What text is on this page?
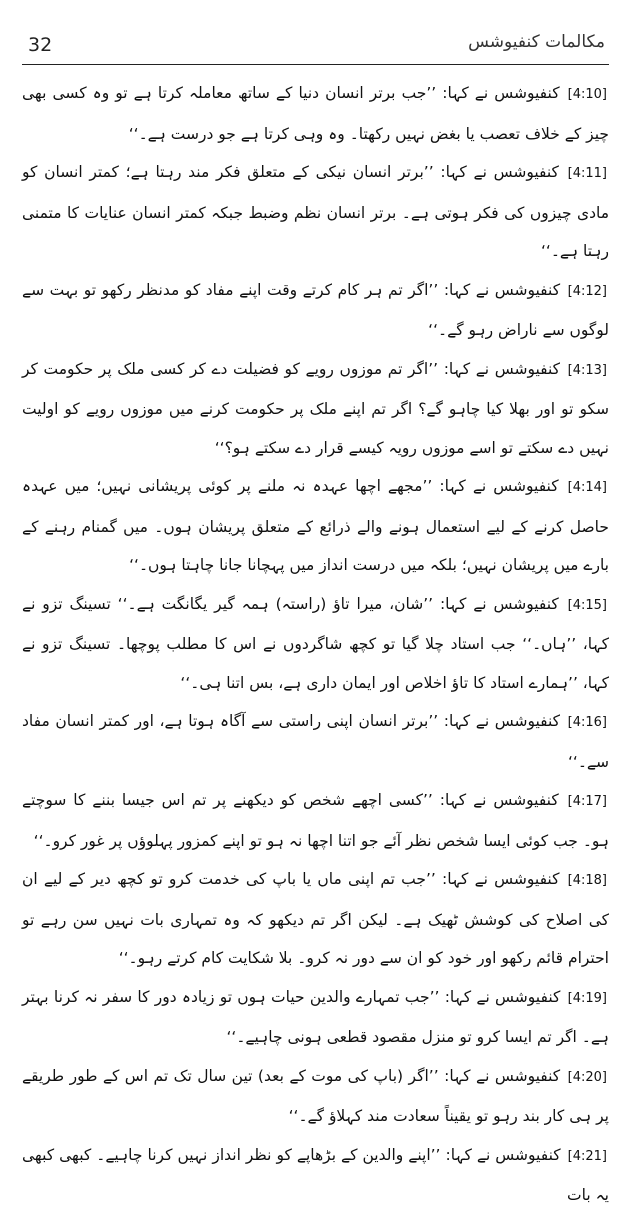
32	مکالمات کنفیوشس

[4:10] کنفیوشس نے کہا: ’’جب برتر انسان دنیا کے ساتھ معاملہ کرتا ہے تو وہ کسی بھی چیز کے خلاف تعصب یا بغض نہیں رکھتا۔ وہ وہی کرتا ہے جو درست ہے۔‘‘

[4:11] کنفیوشس نے کہا: ’’برتر انسان نیکی کے متعلق فکر مند رہتا ہے؛ کمتر انسان کو مادی چیزوں کی فکر ہوتی ہے۔ برتر انسان نظم وضبط جبکہ کمتر انسان عنایات کا متمنی رہتا ہے۔‘‘

[4:12] کنفیوشس نے کہا: ’’اگر تم ہر کام کرتے وقت اپنے مفاد کو مدنظر رکھو تو بہت سے لوگوں سے ناراض رہو گے۔‘‘

[4:13] کنفیوشس نے کہا: ’’اگر تم موزوں رویے کو فضیلت دے کر کسی ملک پر حکومت کر سکو تو اور بھلا کیا چاہو گے؟ اگر تم اپنے ملک پر حکومت کرنے میں موزوں رویے کو اولیت نہیں دے سکتے تو اسے موزوں رویہ کیسے قرار دے سکتے ہو؟‘‘

[4:14] کنفیوشس نے کہا: ’’مجھے اچھا عہدہ نہ ملنے پر کوئی پریشانی نہیں؛ میں عہدہ حاصل کرنے کے لیے استعمال ہونے والے ذرائع کے متعلق پریشان ہوں۔ میں گمنام رہنے کے بارے میں پریشان نہیں؛ بلکہ میں درست انداز میں پہچانا جانا چاہتا ہوں۔‘‘

[4:15] کنفیوشس نے کہا: ’’شان، میرا تاؤ (راستہ) ہمہ گیر یگانگت ہے۔‘‘ تسینگ تزو نے کہا، ’’ہاں۔‘‘ جب استاد چلا گیا تو کچھ شاگردوں نے اس کا مطلب پوچھا۔ تسینگ تزو نے کہا، ’’ہمارے استاد کا تاؤ اخلاص اور ایمان داری ہے، بس اتنا ہی۔‘‘

[4:16] کنفیوشس نے کہا: ’’برتر انسان اپنی راستی سے آگاہ ہوتا ہے، اور کمتر انسان مفاد سے۔‘‘

[4:17] کنفیوشس نے کہا: ’’کسی اچھے شخص کو دیکھنے پر تم اس جیسا بننے کا سوچتے ہو۔ جب کوئی ایسا شخص نظر آئے جو اتنا اچھا نہ ہو تو اپنے کمزور پہلوؤں پر غور کرو۔‘‘

[4:18] کنفیوشس نے کہا: ’’جب تم اپنی ماں یا باپ کی خدمت کرو تو کچھ دیر کے لیے ان کی اصلاح کی کوشش ٹھیک ہے۔ لیکن اگر تم دیکھو کہ وہ تمہاری بات نہیں سن رہے تو احترام قائم رکھو اور خود کو ان سے دور نہ کرو۔ بلا شکایت کام کرتے رہو۔‘‘

[4:19] کنفیوشس نے کہا: ’’جب تمہارے والدین حیات ہوں تو زیادہ دور کا سفر نہ کرنا بہتر ہے۔ اگر تم ایسا کرو تو منزل مقصود قطعی ہونی چاہیے۔‘‘

[4:20] کنفیوشس نے کہا: ’’اگر (باپ کی موت کے بعد) تین سال تک تم اس کے طور طریقے پر ہی کار بند رہو تو یقیناً سعادت مند کہلاؤ گے۔‘‘

[4:21] کنفیوشس نے کہا: ’’اپنے والدین کے بڑھاپے کو نظر انداز نہیں کرنا چاہیے۔ کبھی کبھی یہ بات
